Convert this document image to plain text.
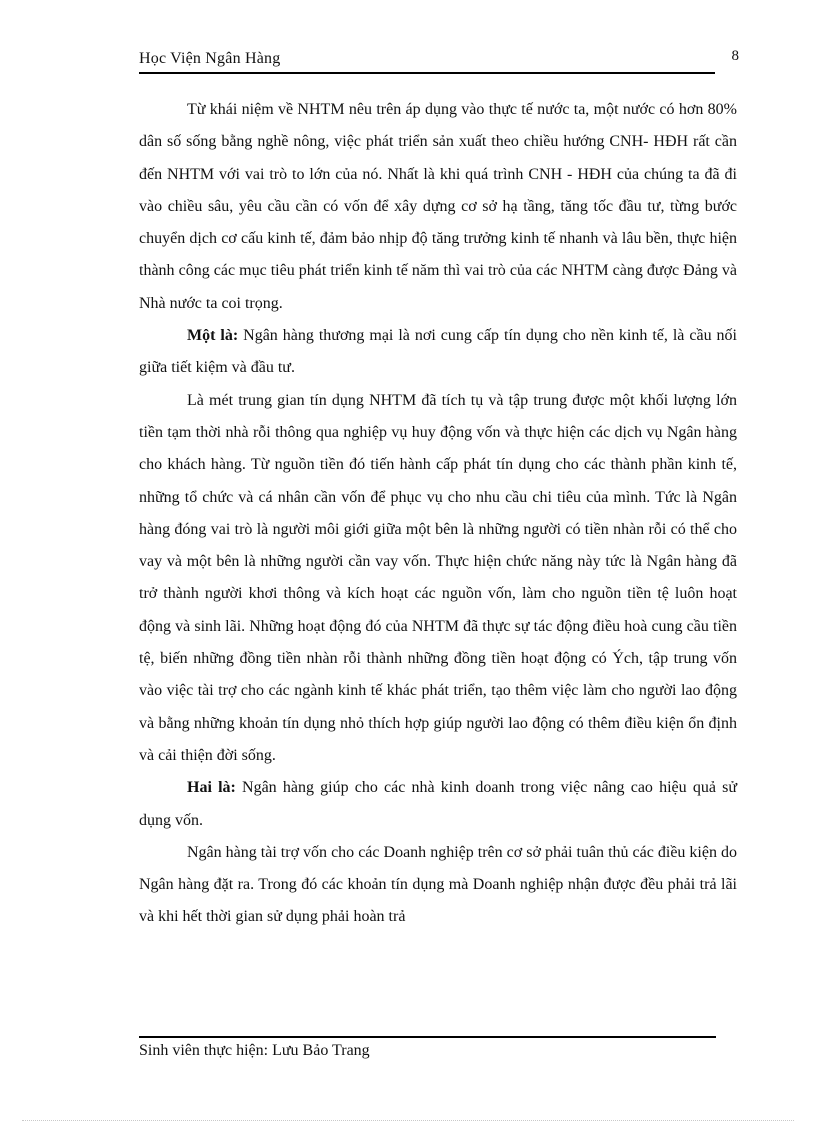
Học Viện Ngân Hàng	8

Từ khái niệm về NHTM nêu trên áp dụng vào thực tế nước ta, một nước có hơn 80% dân số sống bằng nghề nông, việc phát triển sản xuất theo chiều hướng CNH- HĐH rất cần đến NHTM với vai trò to lớn của nó. Nhất là khi quá trình CNH - HĐH của chúng ta đã đi vào chiều sâu, yêu cầu cần có vốn để xây dựng cơ sở hạ tầng, tăng tốc đầu tư, từng bước chuyển dịch cơ cấu kinh tế, đảm bảo nhịp độ tăng trưởng kinh tế nhanh và lâu bền, thực hiện thành công các mục tiêu phát triển kinh tế năm thì vai trò của các NHTM càng được Đảng và Nhà nước ta coi trọng.

Một là: Ngân hàng thương mại là nơi cung cấp tín dụng cho nền kinh tế, là cầu nối giữa tiết kiệm và đầu tư.

Là mét trung gian tín dụng NHTM đã tích tụ và tập trung được một khối lượng lớn tiền tạm thời nhà rỗi thông qua nghiệp vụ huy động vốn và thực hiện các dịch vụ Ngân hàng cho khách hàng. Từ nguồn tiền đó tiến hành cấp phát tín dụng cho các thành phần kinh tế, những tổ chức và cá nhân cần vốn để phục vụ cho nhu cầu chi tiêu của mình. Tức là Ngân hàng đóng vai trò là người môi giới giữa một bên là những người có tiền nhàn rỗi có thể cho vay và một bên là những người cần vay vốn. Thực hiện chức năng này tức là Ngân hàng đã trở thành người khơi thông và kích hoạt các nguồn vốn, làm cho nguồn tiền tệ luôn hoạt động và sinh lãi. Những hoạt động đó của NHTM đã thực sự tác động điều hoà cung cầu tiền tệ, biến những đồng tiền nhàn rỗi thành những đồng tiền hoạt động có Ých, tập trung vốn vào việc tài trợ cho các ngành kinh tế khác phát triển, tạo thêm việc làm cho người lao động và bằng những khoản tín dụng nhỏ thích hợp giúp người lao động có thêm điều kiện ổn định và cải thiện đời sống.

Hai là: Ngân hàng giúp cho các nhà kinh doanh trong việc nâng cao hiệu quả sử dụng vốn.

Ngân hàng tài trợ vốn cho các Doanh nghiệp trên cơ sở phải tuân thủ các điều kiện do Ngân hàng đặt ra. Trong đó các khoản tín dụng mà Doanh nghiệp nhận được đều phải trả lãi và khi hết thời gian sử dụng phải hoàn trả

Sinh viên thực hiện: Lưu Bảo Trang
